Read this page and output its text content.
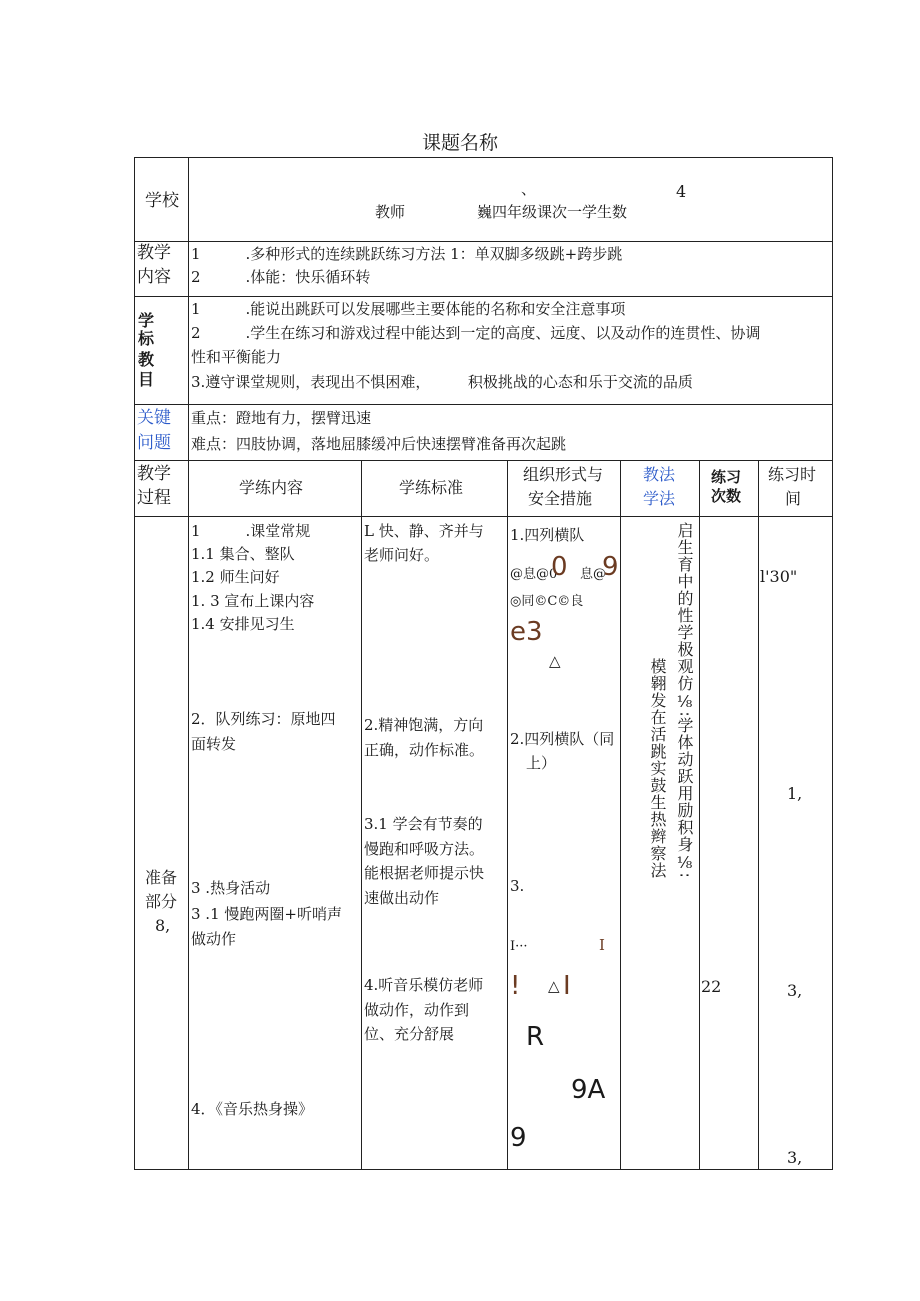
课题名称
学校
、	4
教师	巍四年级课次一学生数
教学
内容
1　　　.多种形式的连续跳跃练习方法 1：单双脚多级跳+跨步跳
2　　　.体能：快乐循环转
学
标
教
目
1　　　.能说出跳跃可以发展哪些主要体能的名称和安全注意事项
2　　　.学生在练习和游戏过程中能达到一定的高度、远度、以及动作的连贯性、协调
性和平衡能力
3.遵守课堂规则，表现出不惧困难，　　　积极挑战的心态和乐于交流的品质
关键
问题
重点：蹬地有力，摆臂迅速
难点：四肢协调，落地屈膝缓冲后快速摆臂准备再次起跳
教学
过程
学练内容	学练标准
组织形式与
安全措施
教法
学法
练习
次数
练习时
间
准备
部分
8,
1　　　.课堂常规
1.1 集合、整队
1.2 师生问好
1. 3 宣布上课内容
1.4 安排见习生
2．队列练习：原地四
面转发
3 .热身活动
3 .1 慢跑两圈+听哨声
做动作
4．《音乐热身操》
L 快、静、齐并与
老师问好。
2.精神饱满，方向
正确，动作标准。
3.1 学会有节奏的
慢跑和呼吸方法。
能根据老师提示快
速做出动作
4.听音乐模仿老师
做动作，动作到
位、充分舒展
1.四列横队
@息@0
0 息@
9
◎同©C©良
e3
△
2.四列横队（同
上）
3.
I···	I
! △ I
R
9A
9
模翱发在活跳实鼓生热辫察法 启生育中的性学极观仿⅛∶学体动跃用励积身⅛∶
22
l'30"
1,
3,
3,
